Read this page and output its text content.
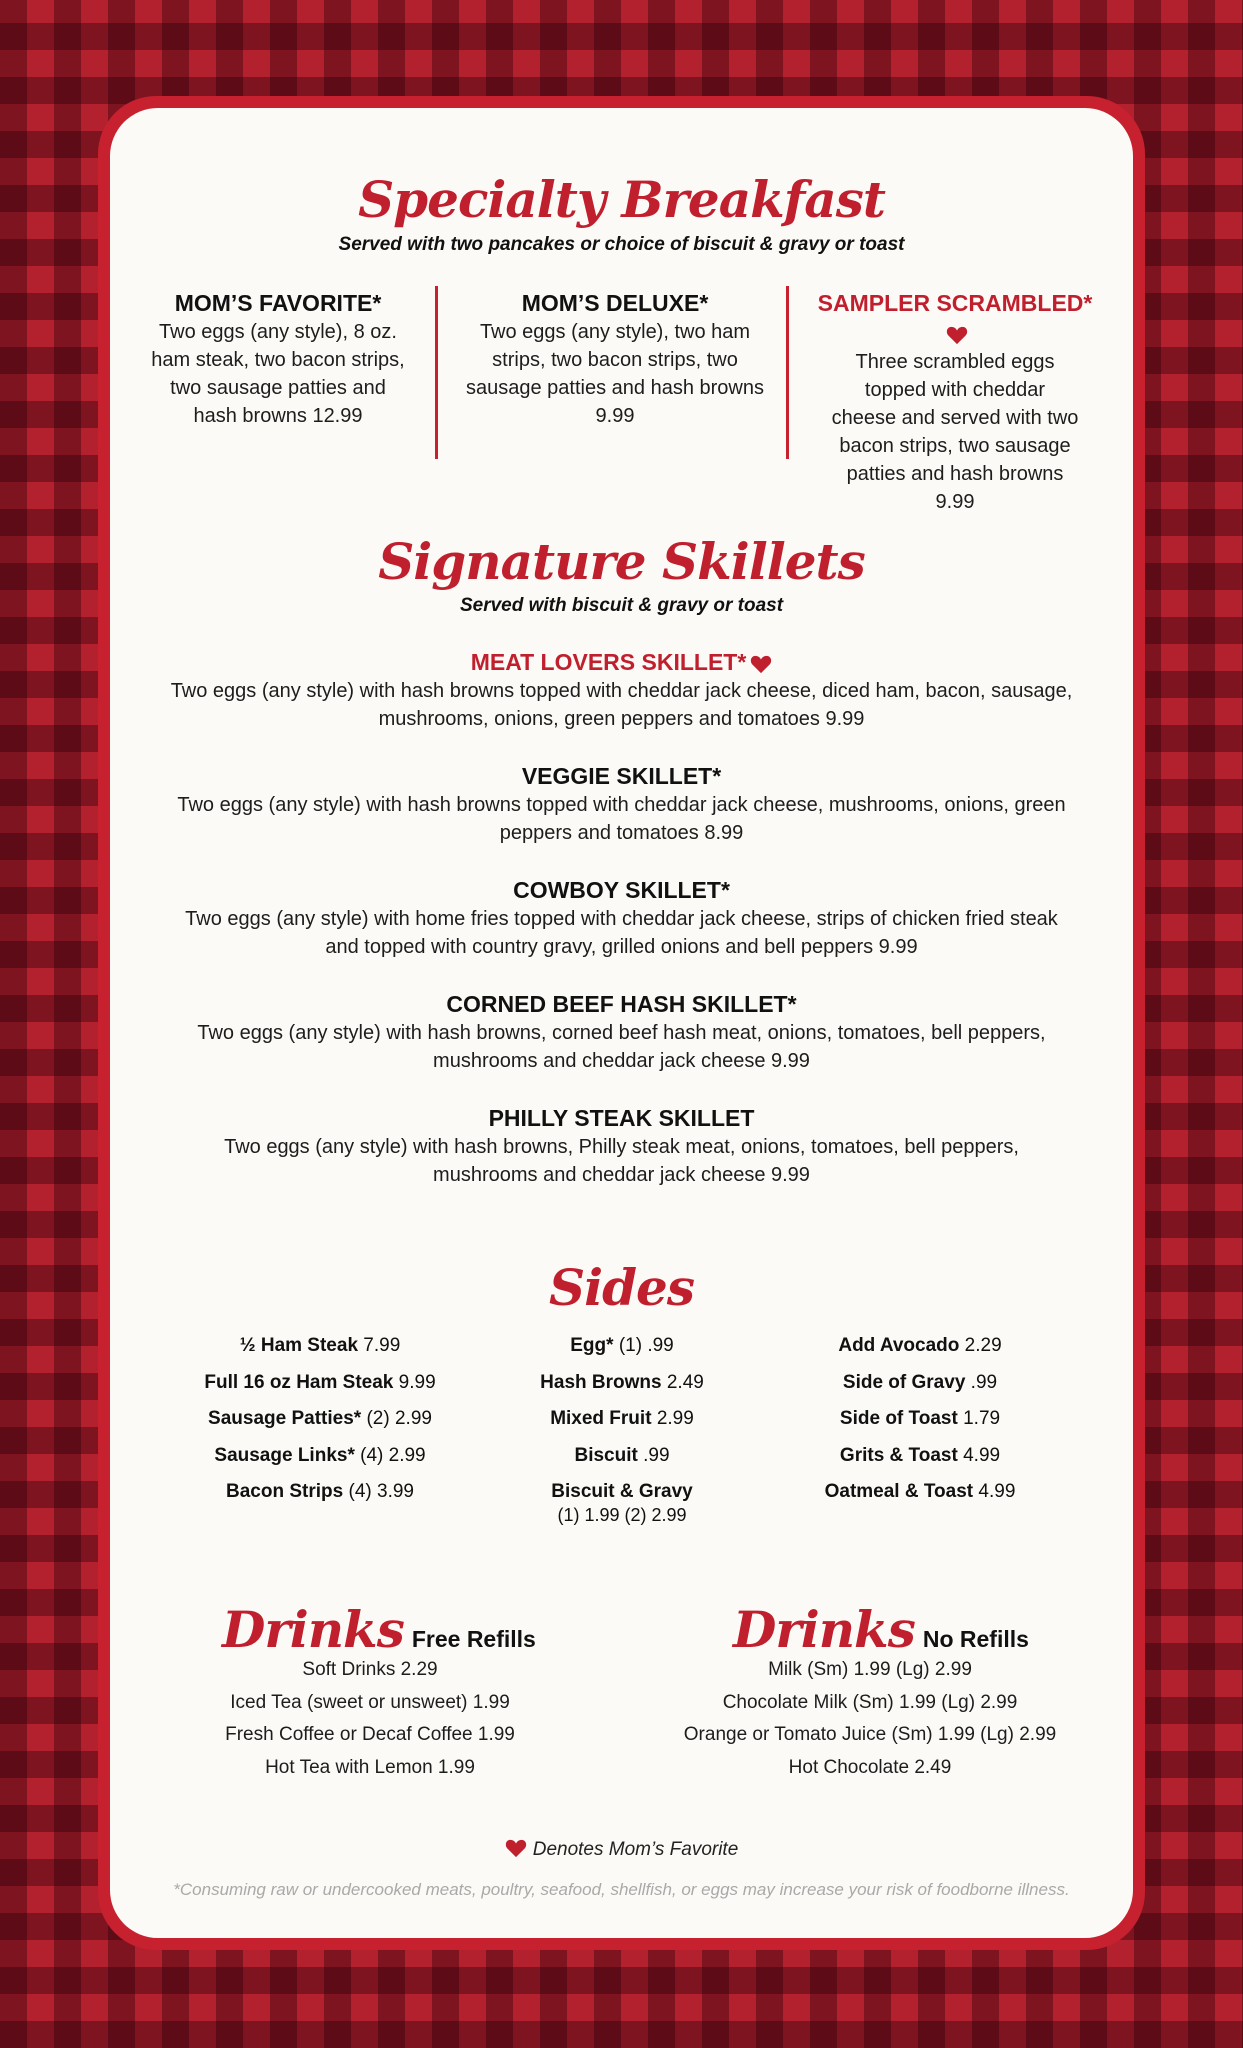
Specialty Breakfast
Served with two pancakes or choice of biscuit & gravy or toast
MOM’S FAVORITE*
Two eggs (any style), 8 oz. ham steak, two bacon strips, two sausage patties and hash browns 12.99
MOM’S DELUXE*
Two eggs (any style), two ham strips, two bacon strips, two sausage patties and hash browns 9.99
SAMPLER SCRAMBLED*
Three scrambled eggs topped with cheddar cheese and served with two bacon strips, two sausage patties and hash browns 9.99
Signature Skillets
Served with biscuit & gravy or toast
MEAT LOVERS SKILLET*
Two eggs (any style) with hash browns topped with cheddar jack cheese, diced ham, bacon, sausage, mushrooms, onions, green peppers and tomatoes 9.99
VEGGIE SKILLET*
Two eggs (any style) with hash browns topped with cheddar jack cheese, mushrooms, onions, green peppers and tomatoes 8.99
COWBOY SKILLET*
Two eggs (any style) with home fries topped with cheddar jack cheese, strips of chicken fried steak and topped with country gravy, grilled onions and bell peppers 9.99
CORNED BEEF HASH SKILLET*
Two eggs (any style) with hash browns, corned beef hash meat, onions, tomatoes, bell peppers, mushrooms and cheddar jack cheese 9.99
PHILLY STEAK SKILLET
Two eggs (any style) with hash browns, Philly steak meat, onions, tomatoes, bell peppers, mushrooms and cheddar jack cheese 9.99
Sides
½ Ham Steak 7.99
Full 16 oz Ham Steak 9.99
Sausage Patties* (2) 2.99
Sausage Links* (4) 2.99
Bacon Strips (4) 3.99
Egg* (1) .99
Hash Browns 2.49
Mixed Fruit 2.99
Biscuit .99
Biscuit & Gravy
(1) 1.99 (2) 2.99
Add Avocado 2.29
Side of Gravy .99
Side of Toast 1.79
Grits & Toast 4.99
Oatmeal & Toast 4.99
Drinks Free Refills
Soft Drinks 2.29
Iced Tea (sweet or unsweet) 1.99
Fresh Coffee or Decaf Coffee 1.99
Hot Tea with Lemon 1.99
Drinks No Refills
Milk (Sm) 1.99 (Lg) 2.99
Chocolate Milk (Sm) 1.99 (Lg) 2.99
Orange or Tomato Juice (Sm) 1.99 (Lg) 2.99
Hot Chocolate 2.49
Denotes Mom’s Favorite
*Consuming raw or undercooked meats, poultry, seafood, shellfish, or eggs may increase your risk of foodborne illness.
